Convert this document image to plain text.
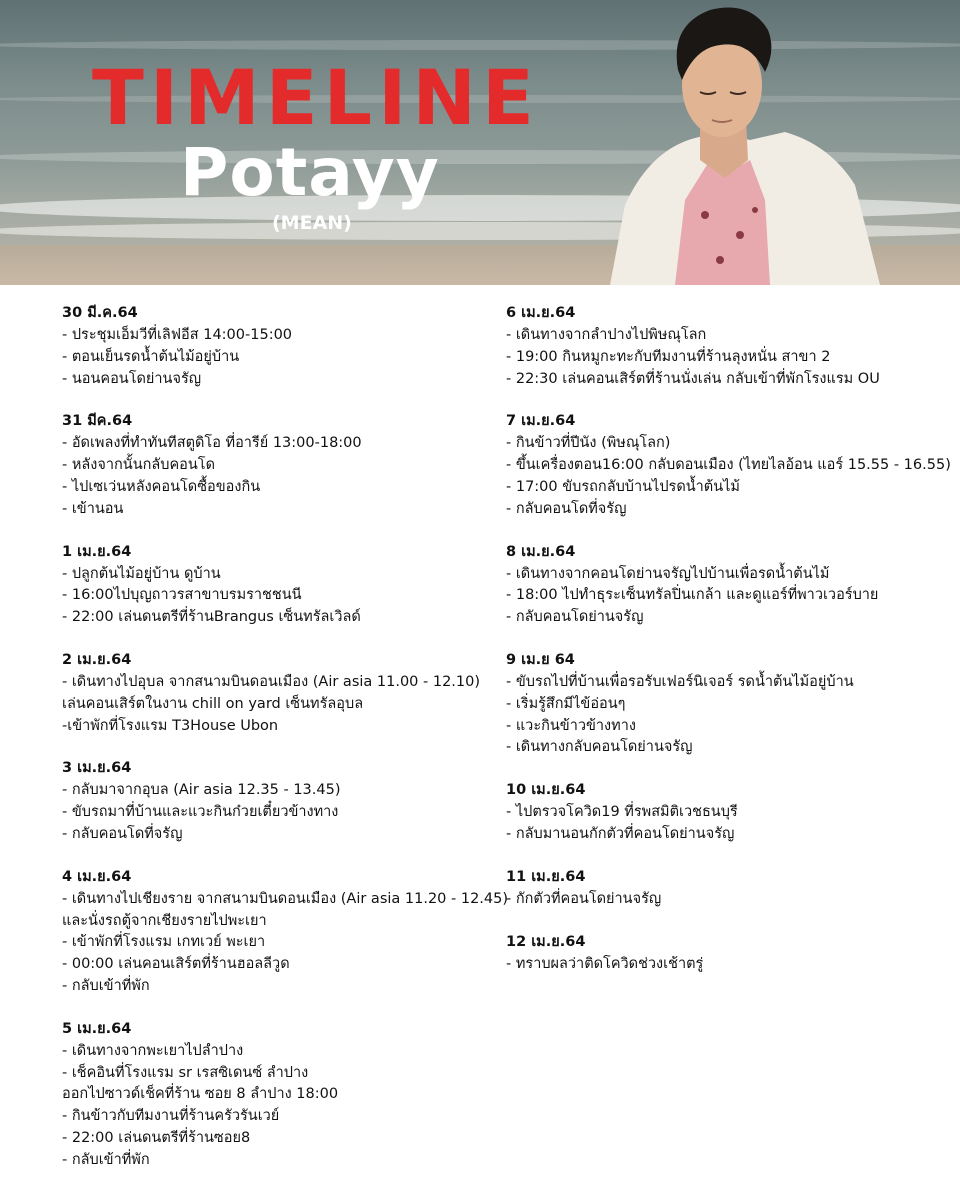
TIMELINE
Potayy
(MEAN)
30 มี.ค.64
- ประชุมเอ็มวีที่เลิฟอีส 14:00-15:00
- ตอนเย็นรดน้ำต้นไม้อยู่บ้าน
- นอนคอนโดย่านจรัญ
31 มีค.64
- อัดเพลงที่ทำทันทีสตูดิโอ ที่อารีย์ 13:00-18:00
- หลังจากนั้นกลับคอนโด
- ไปเซเว่นหลังคอนโดซื้อของกิน
- เข้านอน
1 เม.ย.64
- ปลูกต้นไม้อยู่บ้าน ดูบ้าน
- 16:00ไปบุญถาวรสาขาบรมราชชนนี
- 22:00 เล่นดนตรีที่ร้านBrangus เซ็นทรัลเวิลด์
2 เม.ย.64
- เดินทางไปอุบล จากสนามบินดอนเมือง (Air asia 11.00 - 12.10)
เล่นคอนเสิร์ตในงาน chill on yard เซ็นทรัลอุบล
-เข้าพักที่โรงแรม T3House Ubon
3 เม.ย.64
- กลับมาจากอุบล (Air asia 12.35 - 13.45)
- ขับรถมาที่บ้านและแวะกินก๋วยเตี๋ยวข้างทาง
- กลับคอนโดที่จรัญ
4 เม.ย.64
- เดินทางไปเชียงราย จากสนามบินดอนเมือง (Air asia 11.20 - 12.45)
และนั่งรถตู้จากเชียงรายไปพะเยา
- เข้าพักที่โรงแรม เกทเวย์ พะเยา
- 00:00 เล่นคอนเสิร์ตที่ร้านฮอลลีวูด
- กลับเข้าที่พัก
5 เม.ย.64
- เดินทางจากพะเยาไปลำปาง
- เช็คอินที่โรงแรม sr เรสซิเดนซ์ ลำปาง
ออกไปซาวด์เช็คที่ร้าน ซอย 8 ลำปาง 18:00
- กินข้าวกับทีมงานที่ร้านครัวรันเวย์
- 22:00 เล่นดนตรีที่ร้านซอย8
- กลับเข้าที่พัก
6 เม.ย.64
- เดินทางจากลำปางไปพิษณุโลก
- 19:00 กินหมูกะทะกับทีมงานที่ร้านลุงหนั่น สาขา 2
- 22:30 เล่นคอนเสิร์ตที่ร้านนั่งเล่น กลับเข้าที่พักโรงแรม OU
7 เม.ย.64
- กินข้าวที่ปีนัง (พิษณุโลก)
- ขึ้นเครื่องตอน16:00 กลับดอนเมือง (ไทยไลอ้อน แอร์ 15.55 - 16.55)
- 17:00 ขับรถกลับบ้านไปรดน้ำต้นไม้
- กลับคอนโดที่จรัญ
8 เม.ย.64
- เดินทางจากคอนโดย่านจรัญไปบ้านเพื่อรดน้ำต้นไม้
- 18:00 ไปทำธุระเซ็นทรัลปิ่นเกล้า และดูแอร์ที่พาวเวอร์บาย
- กลับคอนโดย่านจรัญ
9 เม.ย 64
- ขับรถไปที่บ้านเพื่อรอรับเฟอร์นิเจอร์ รดน้ำต้นไม้อยู่บ้าน
- เริ่มรู้สึกมีไข้อ่อนๆ
- แวะกินข้าวข้างทาง
- เดินทางกลับคอนโดย่านจรัญ
10 เม.ย.64
- ไปตรวจโควิด19 ที่รพสมิติเวชธนบุรี
- กลับมานอนกักตัวที่คอนโดย่านจรัญ
11 เม.ย.64
- กักตัวที่คอนโดย่านจรัญ
12 เม.ย.64
- ทราบผลว่าติดโควิดช่วงเช้าตรู่
